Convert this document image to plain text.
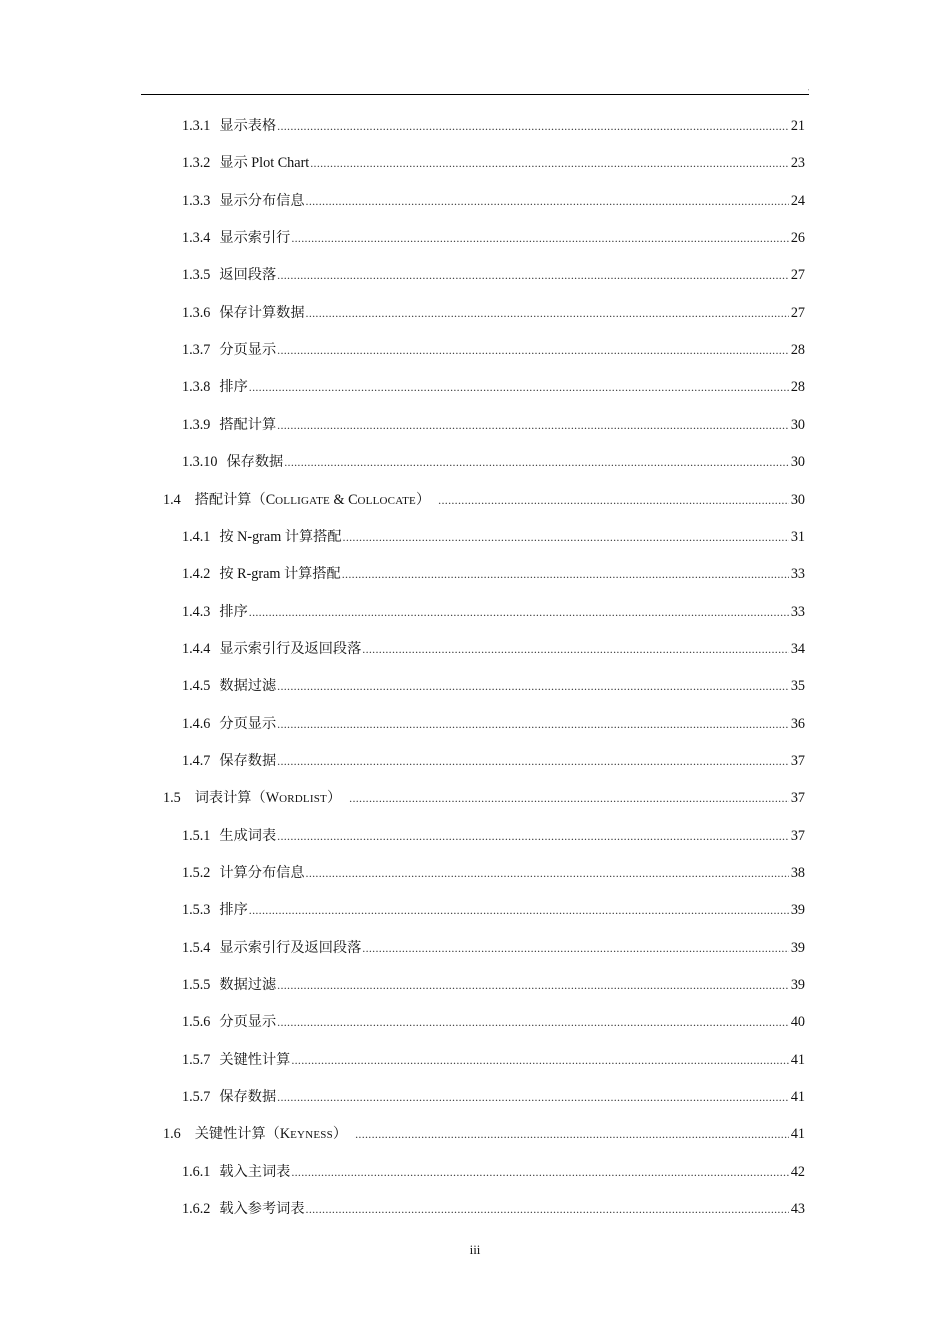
'
1.3.1 显示表格 .....	21
1.3.2 显示 Plot Chart .....	23
1.3.3 显示分布信息 .....	24
1.3.4 显示索引行 .....	26
1.3.5 返回段落 .....	27
1.3.6 保存计算数据 .....	27
1.3.7 分页显示 .....	28
1.3.8 排序 .....	28
1.3.9 搭配计算 .....	30
1.3.10 保存数据 .....	30
1.4 搭配计算（COLLIGATE & COLLOCATE） .....	30
1.4.1 按 N-gram 计算搭配 .....	31
1.4.2 按 R-gram 计算搭配 .....	33
1.4.3 排序 .....	33
1.4.4 显示索引行及返回段落 .....	34
1.4.5 数据过滤 .....	35
1.4.6 分页显示 .....	36
1.4.7 保存数据 .....	37
1.5 词表计算（WORDLIST） .....	37
1.5.1 生成词表 .....	37
1.5.2 计算分布信息 .....	38
1.5.3 排序 .....	39
1.5.4 显示索引行及返回段落 .....	39
1.5.5 数据过滤 .....	39
1.5.6 分页显示 .....	40
1.5.7 关键性计算 .....	41
1.5.7 保存数据 .....	41
1.6 关键性计算（KEYNESS） .....	41
1.6.1 载入主词表 .....	42
1.6.2 载入参考词表 .....	43
iii
